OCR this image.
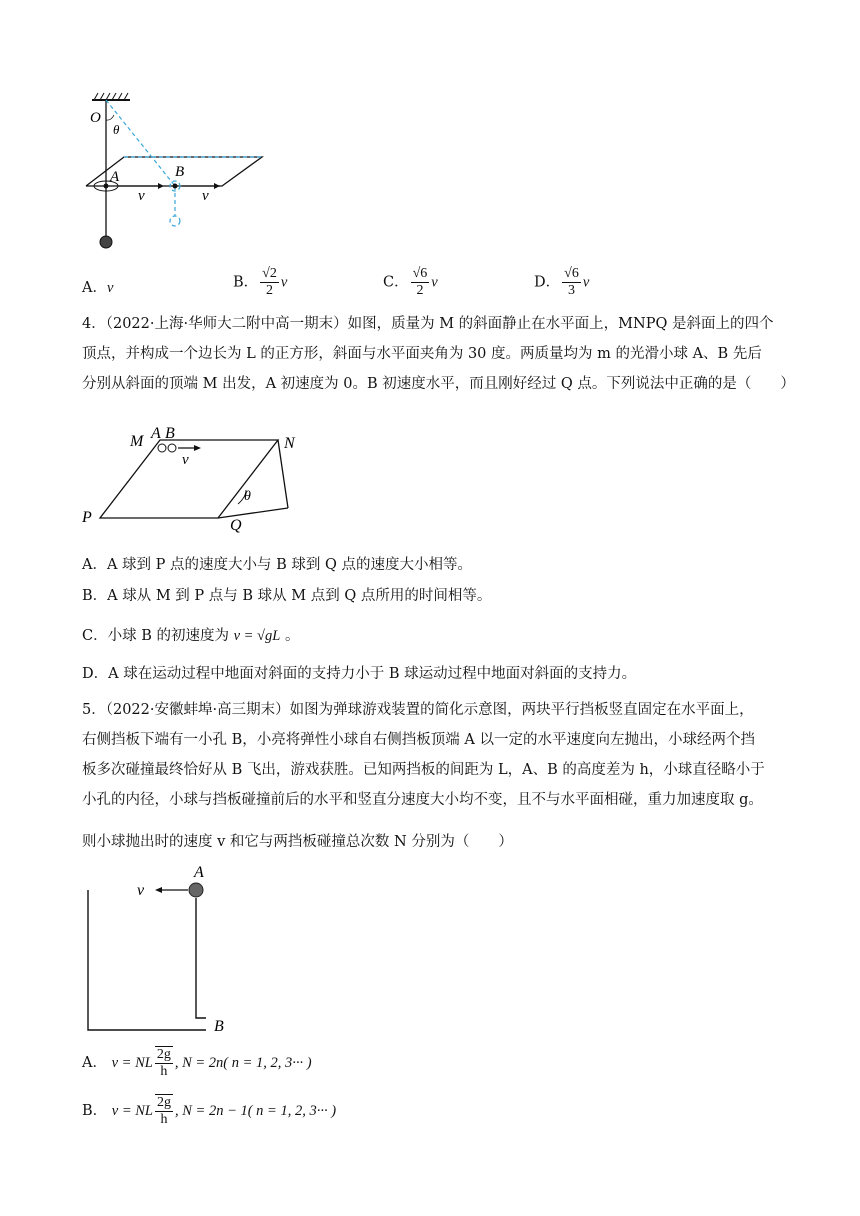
O
θ
A	B
v	v
A．v	B． $\frac{√2}{2}$ v	C． $\frac{√6}{2}$ v	D． $\frac{√6}{3}$ v
4．（2022·上海·华师大二附中高一期末）如图，质量为 M 的斜面静止在水平面上，MNPQ 是斜面上的四个
顶点，并构成一个边长为 L 的正方形，斜面与水平面夹角为 30 度。两质量均为 m 的光滑小球 A、B 先后
分别从斜面的顶端 M 出发，A 初速度为 0。B 初速度水平，而且刚好经过 Q 点。下列说法中正确的是（　　）
M A B
N
v
θ
P	Q
A．A 球到 P 点的速度大小与 B 球到 Q 点的速度大小相等。
B．A 球从 M 到 P 点与 B 球从 M 点到 Q 点所用的时间相等。
C．小球 B 的初速度为 v = √gL 。
D．A 球在运动过程中地面对斜面的支持力小于 B 球运动过程中地面对斜面的支持力。
5．（2022·安徽蚌埠·高三期末）如图为弹球游戏装置的简化示意图，两块平行挡板竖直固定在水平面上，
右侧挡板下端有一小孔 B，小亮将弹性小球自右侧挡板顶端 A 以一定的水平速度向左抛出，小球经两个挡
板多次碰撞最终恰好从 B 飞出，游戏获胜。已知两挡板的间距为 L，A、B 的高度差为 h，小球直径略小于
小孔的内径，小球与挡板碰撞前后的水平和竖直分速度大小均不变，且不与水平面相碰，重力加速度取 g。
则小球抛出时的速度 v 和它与两挡板碰撞总次数 N 分别为（　　）
v
A
B
A． v = NL $\frac{2g}{h}$ , N = 2n( n = 1, 2, 3··· )
B． v = NL $\frac{2g}{h}$ , N = 2n − 1( n = 1, 2, 3··· )
